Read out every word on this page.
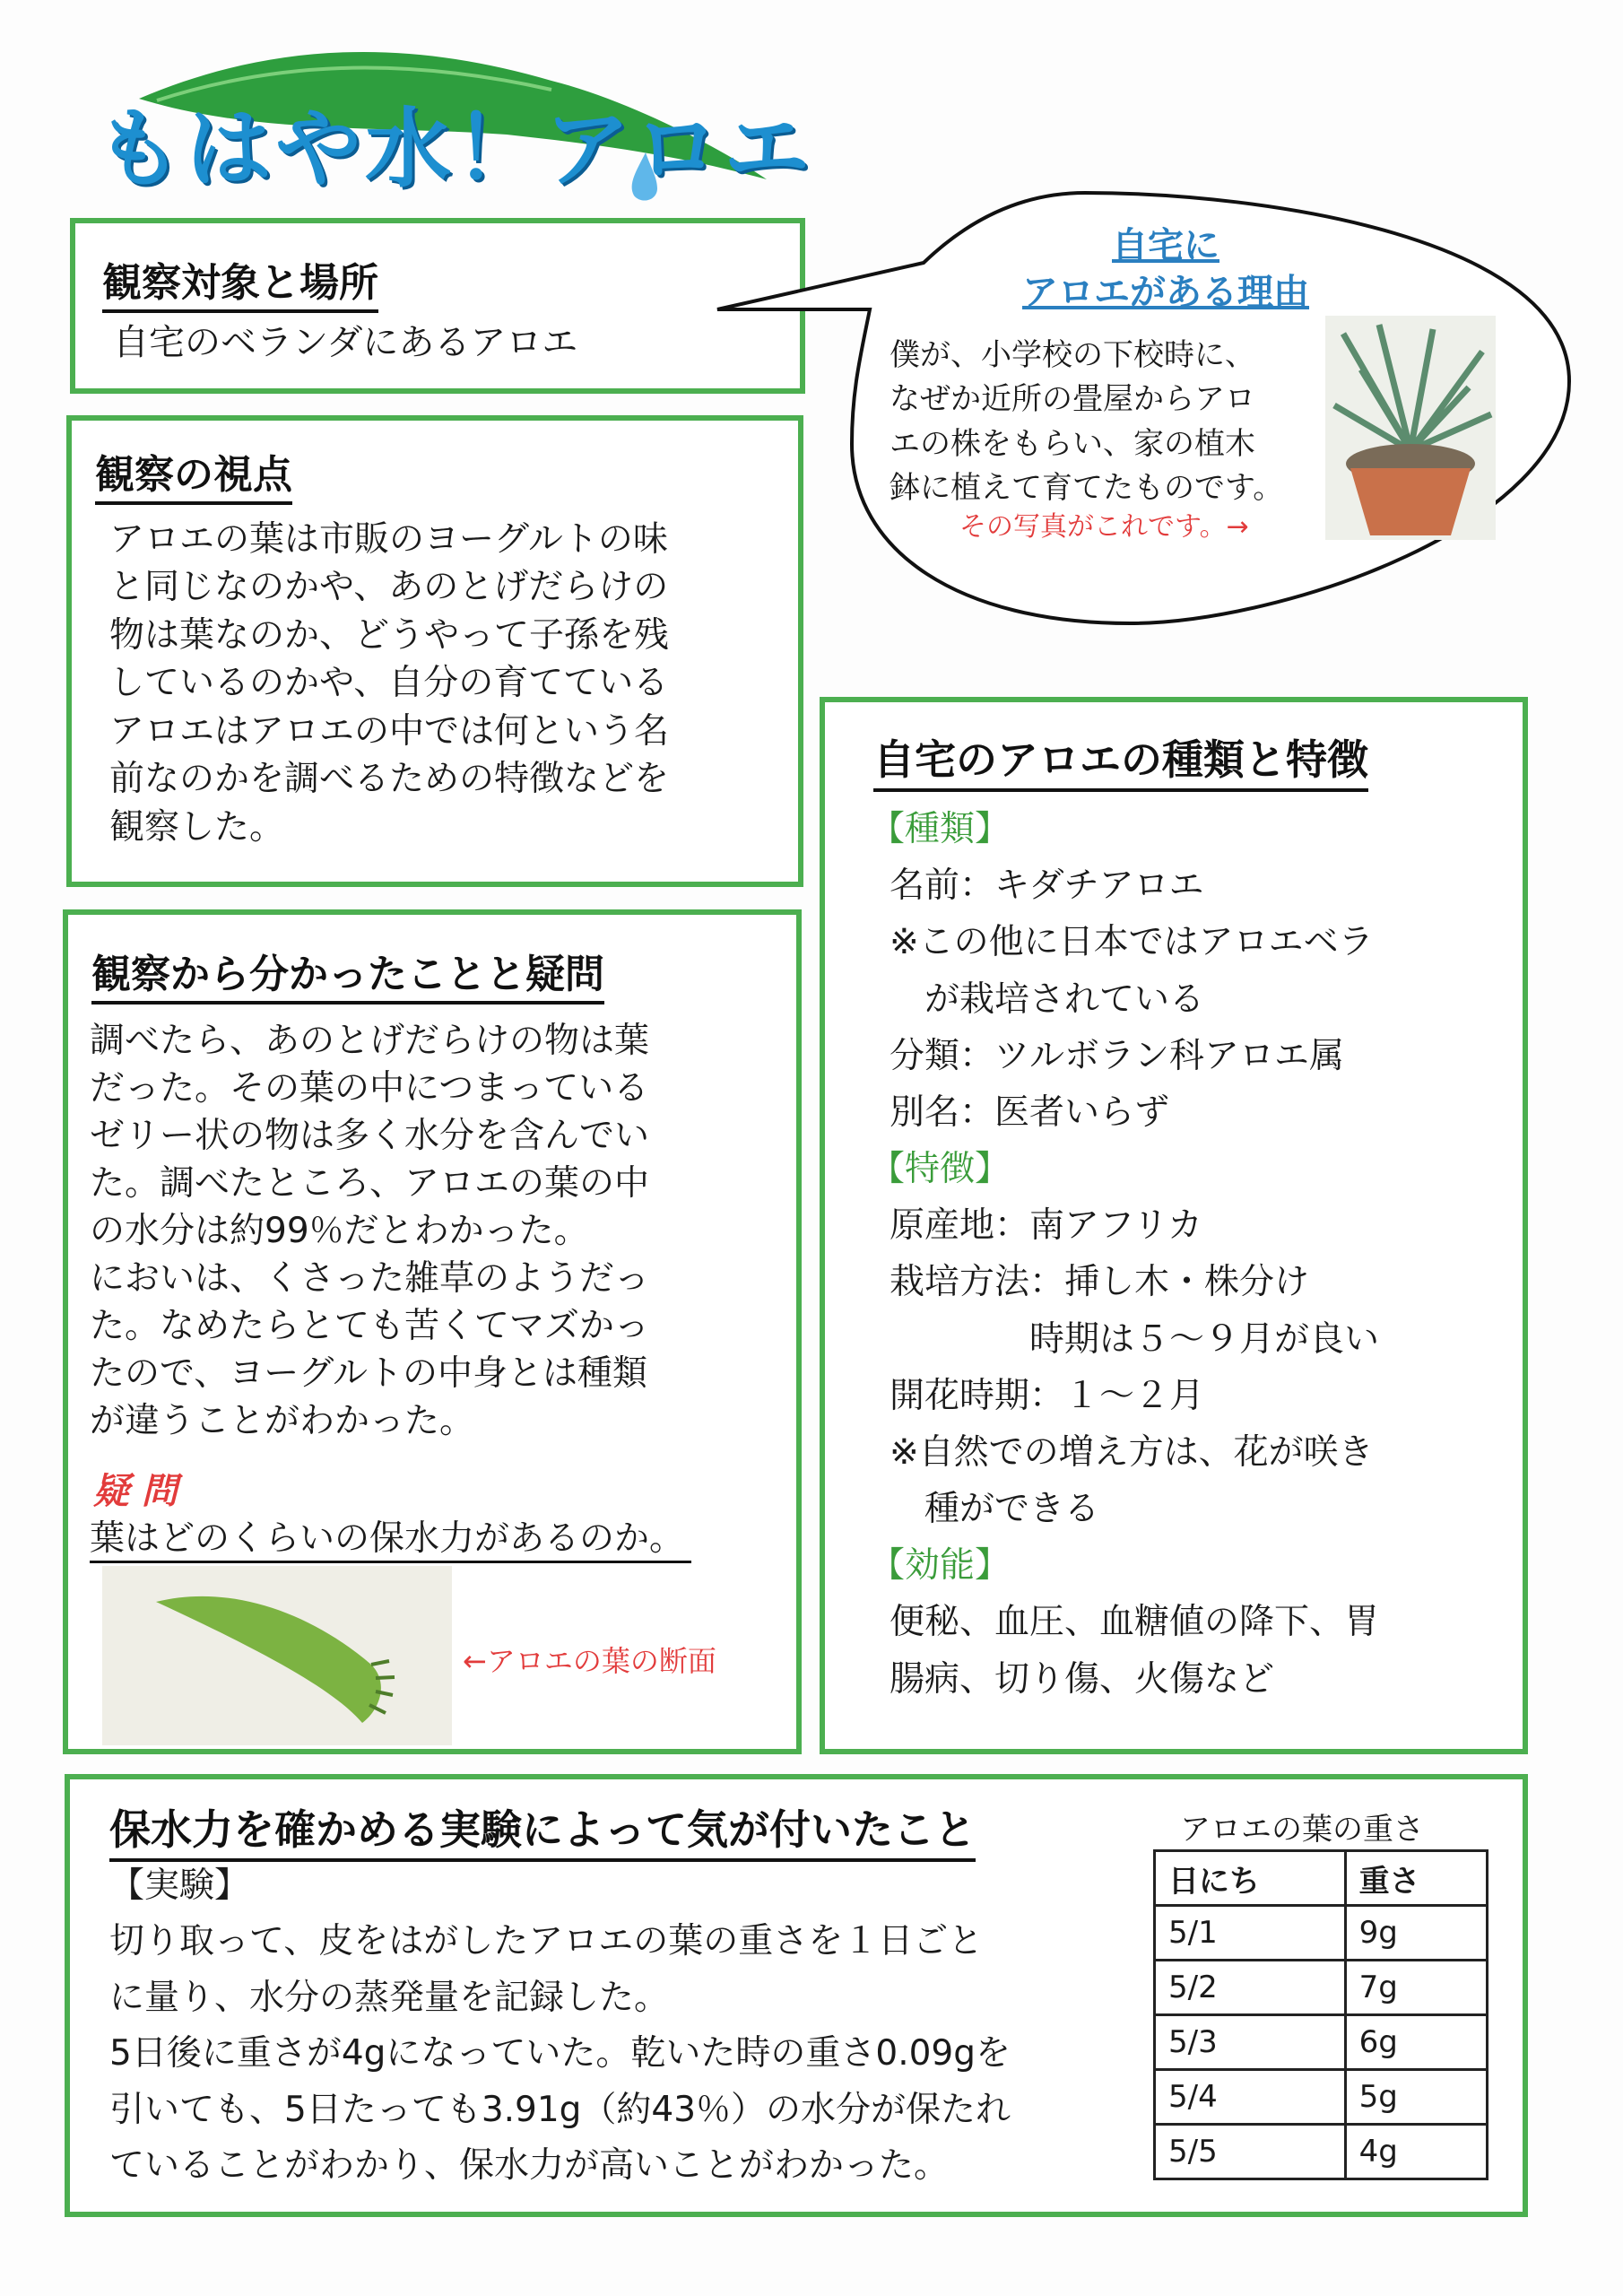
もはや水！アロエ
観察対象と場所
自宅のベランダにあるアロエ
自宅に
アロエがある理由
僕が、小学校の下校時に、
なぜか近所の畳屋からアロ
エの株をもらい、家の植木
鉢に植えて育てたものです。
その写真がこれです。→
観察の視点
アロエの葉は市販のヨーグルトの味
と同じなのかや、あのとげだらけの
物は葉なのか、どうやって子孫を残
しているのかや、自分の育てている
アロエはアロエの中では何という名
前なのかを調べるための特徴などを
観察した。
観察から分かったことと疑問
調べたら、あのとげだらけの物は葉
だった。その葉の中につまっている
ゼリー状の物は多く水分を含んでい
た。調べたところ、アロエの葉の中
の水分は約99％だとわかった。
においは、くさった雑草のようだっ
た。なめたらとても苦くてマズかっ
たので、ヨーグルトの中身とは種類
が違うことがわかった。
疑 問
葉はどのくらいの保水力があるのか。
←アロエの葉の断面
自宅のアロエの種類と特徴
【種類】
名前：キダチアロエ
※この他に日本ではアロエベラ
　が栽培されている
分類：ツルボラン科アロエ属
別名：医者いらず
【特徴】
原産地：南アフリカ
栽培方法：挿し木・株分け
　　　　時期は５～９月が良い
開花時期：１～２月
※自然での増え方は、花が咲き
　種ができる
【効能】
便秘、血圧、血糖値の降下、胃
腸病、切り傷、火傷など
保水力を確かめる実験によって気が付いたこと
【実験】
切り取って、皮をはがしたアロエの葉の重さを１日ごと
に量り、水分の蒸発量を記録した。
5日後に重さが4gになっていた。乾いた時の重さ0.09gを
引いても、5日たっても3.91g（約43％）の水分が保たれ
ていることがわかり、保水力が高いことがわかった。
アロエの葉の重さ
日にち	重さ
5/1	9g
5/2	7g
5/3	6g
5/4	5g
5/5	4g
